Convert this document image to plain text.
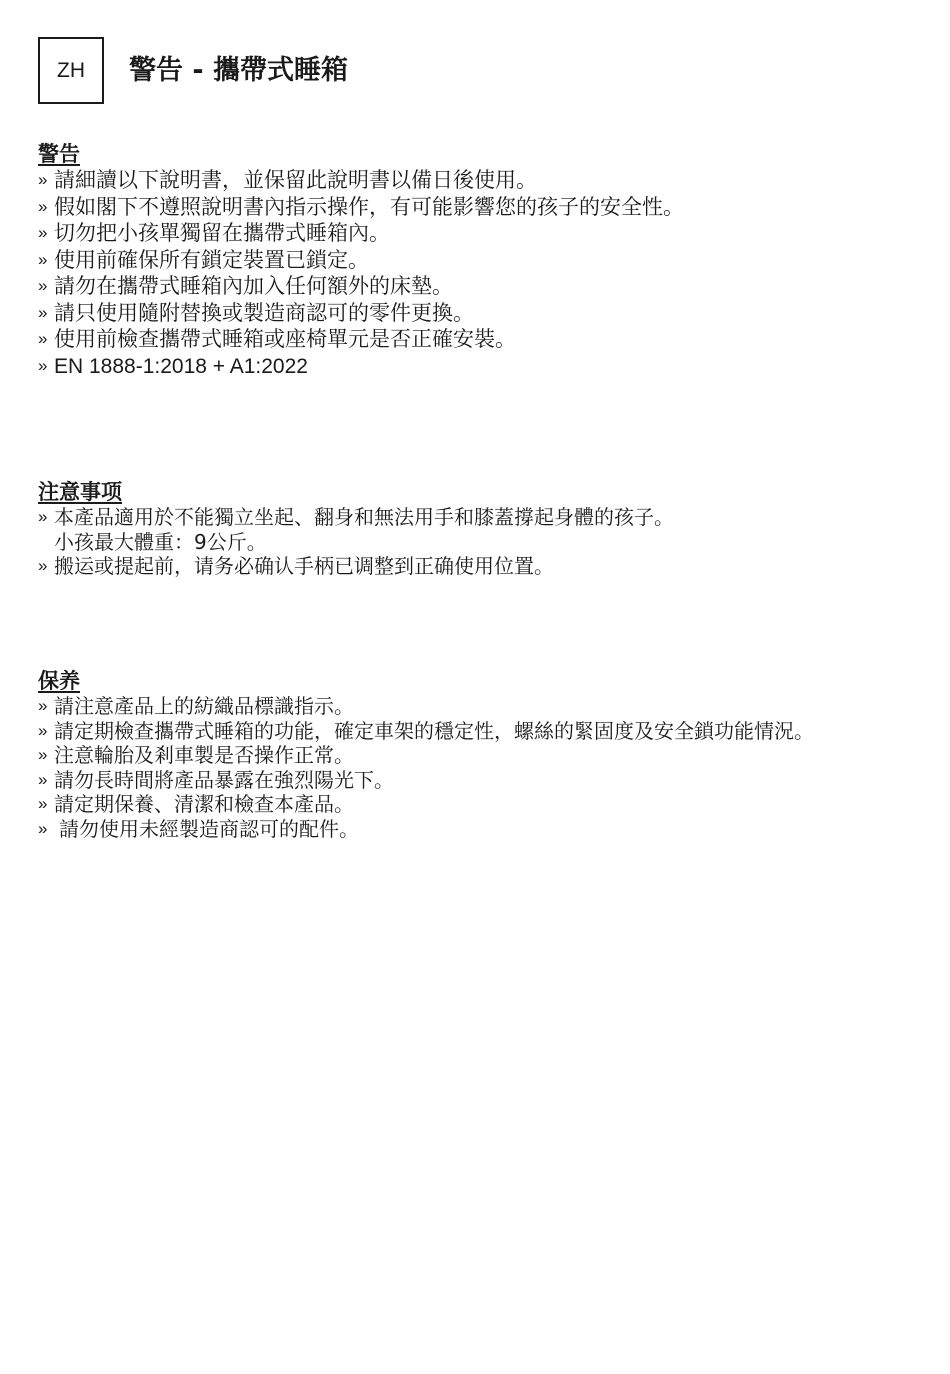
ZH 警告 - 攜帶式睡箱
警告
» 請細讀以下說明書，並保留此說明書以備日後使用。
» 假如閣下不遵照說明書內指示操作，有可能影響您的孩子的安全性。
» 切勿把小孩單獨留在攜帶式睡箱內。
» 使用前確保所有鎖定裝置已鎖定。
» 請勿在攜帶式睡箱內加入任何額外的床墊。
» 請只使用隨附替換或製造商認可的零件更換。
» 使用前檢查攜帶式睡箱或座椅單元是否正確安裝。
» EN 1888-1:2018 + A1:2022
注意事项
» 本產品適用於不能獨立坐起、翻身和無法用手和膝蓋撐起身體的孩子。
小孩最大體重：9公斤。
» 搬运或提起前，请务必确认手柄已调整到正确使用位置。
保养
» 請注意產品上的紡織品標識指示。
» 請定期檢查攜帶式睡箱的功能，確定車架的穩定性，螺絲的緊固度及安全鎖功能情況。
» 注意輪胎及剎車製是否操作正常。
» 請勿長時間將產品暴露在強烈陽光下。
» 請定期保養、清潔和檢查本產品。
» 請勿使用未經製造商認可的配件。
